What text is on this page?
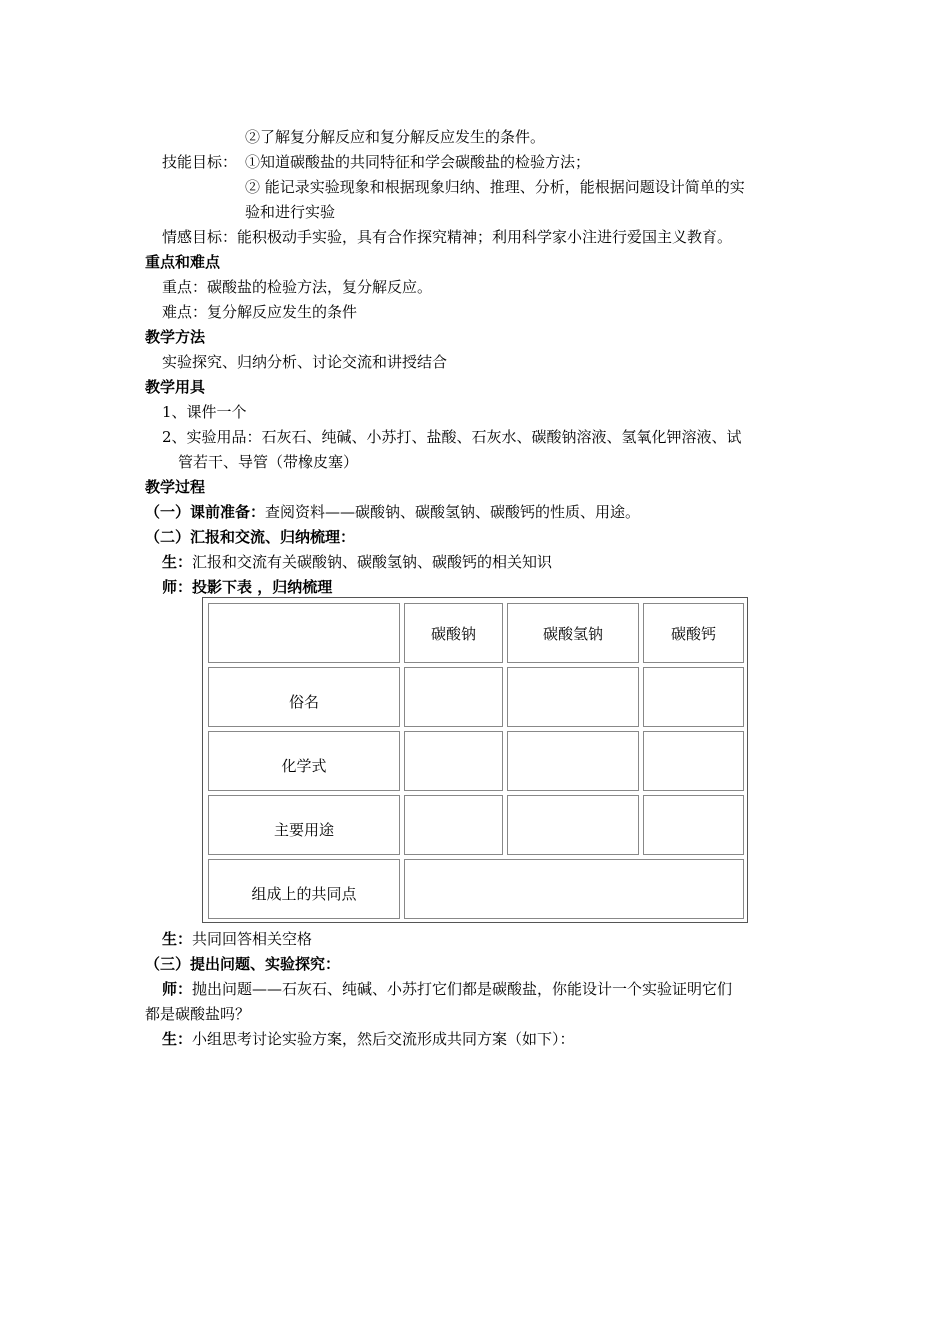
②了解复分解反应和复分解反应发生的条件。
技能目标： ①知道碳酸盐的共同特征和学会碳酸盐的检验方法；
② 能记录实验现象和根据现象归纳、推理、分析，能根据问题设计简单的实
验和进行实验
情感目标：能积极动手实验，具有合作探究精神；利用科学家小注进行爱国主义教育。
重点和难点
重点：碳酸盐的检验方法，复分解反应。
难点：复分解反应发生的条件
教学方法
实验探究、归纳分析、讨论交流和讲授结合
教学用具
1、课件一个
2、实验用品：石灰石、纯碱、小苏打、盐酸、石灰水、碳酸钠溶液、氢氧化钾溶液、试
管若干、导管（带橡皮塞）
教学过程
（一）课前准备：查阅资料——碳酸钠、碳酸氢钠、碳酸钙的性质、用途。
（二）汇报和交流、归纳梳理：
生：汇报和交流有关碳酸钠、碳酸氢钠、碳酸钙的相关知识
师：投影下表 ，归纳梳理
碳酸钠	碳酸氢钠	碳酸钙
俗名
化学式
主要用途
组成上的共同点
生：共同回答相关空格
（三）提出问题、实验探究：
师：抛出问题——石灰石、纯碱、小苏打它们都是碳酸盐，你能设计一个实验证明它们
都是碳酸盐吗？
生：小组思考讨论实验方案，然后交流形成共同方案（如下）：
